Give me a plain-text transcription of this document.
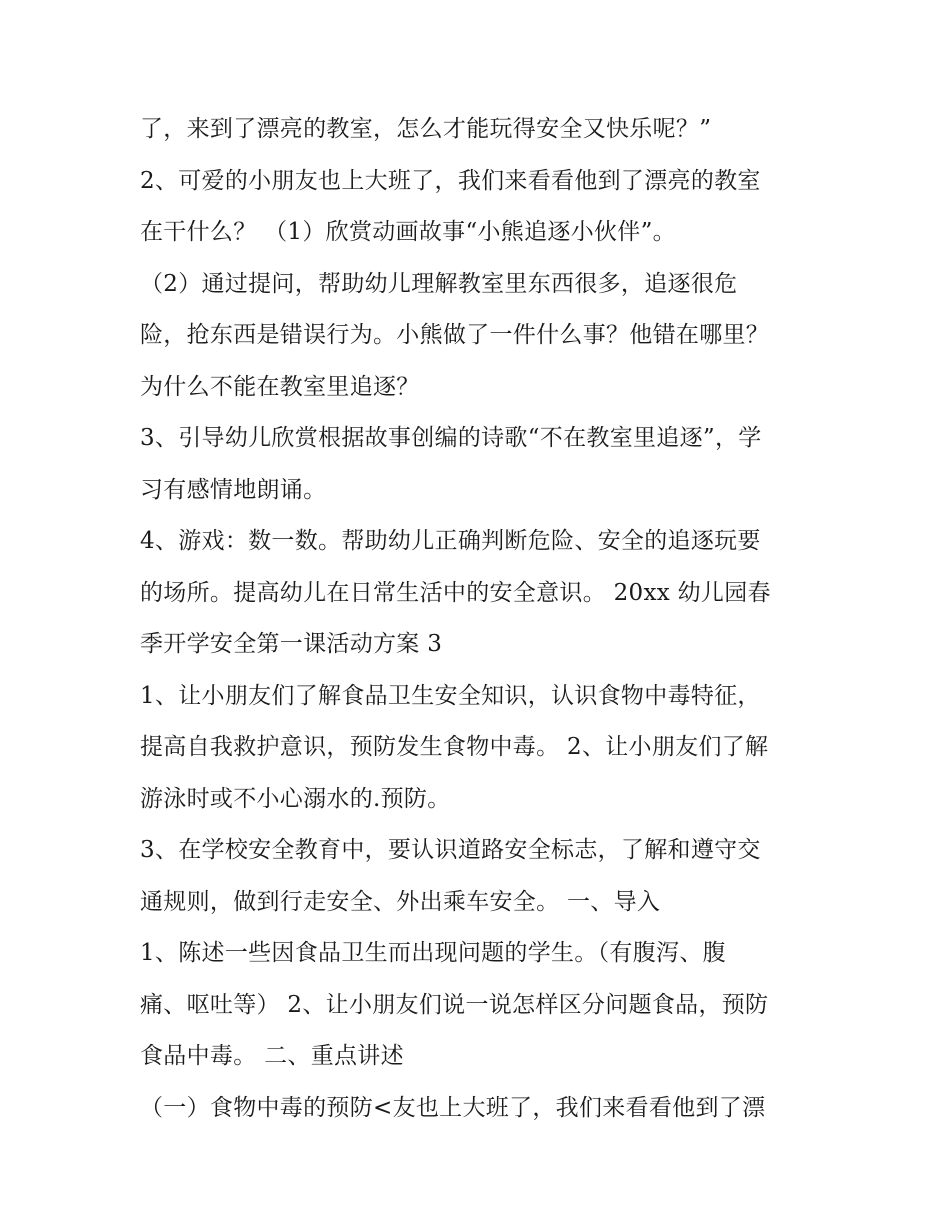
了，来到了漂亮的教室，怎么才能玩得安全又快乐呢？”
2、可爱的小朋友也上大班了，我们来看看他到了漂亮的教室
在干什么？ （1）欣赏动画故事“小熊追逐小伙伴”。
（2）通过提问，帮助幼儿理解教室里东西很多，追逐很危
险，抢东西是错误行为。小熊做了一件什么事？他错在哪里？
为什么不能在教室里追逐？
3、引导幼儿欣赏根据故事创编的诗歌“不在教室里追逐”，学
习有感情地朗诵。
4、游戏：数一数。帮助幼儿正确判断危险、安全的追逐玩要
的场所。提高幼儿在日常生活中的安全意识。 20xx 幼儿园春
季开学安全第一课活动方案 3
1、让小朋友们了解食品卫生安全知识，认识食物中毒特征，
提高自我救护意识，预防发生食物中毒。 2、让小朋友们了解
游泳时或不小心溺水的.预防。
3、在学校安全教育中，要认识道路安全标志，了解和遵守交
通规则，做到行走安全、外出乘车安全。 一、导入
1、陈述一些因食品卫生而出现问题的学生。（有腹泻、腹
痛、呕吐等） 2、让小朋友们说一说怎样区分问题食品，预防
食品中毒。 二、重点讲述
（一）食物中毒的预防<友也上大班了，我们来看看他到了漂
